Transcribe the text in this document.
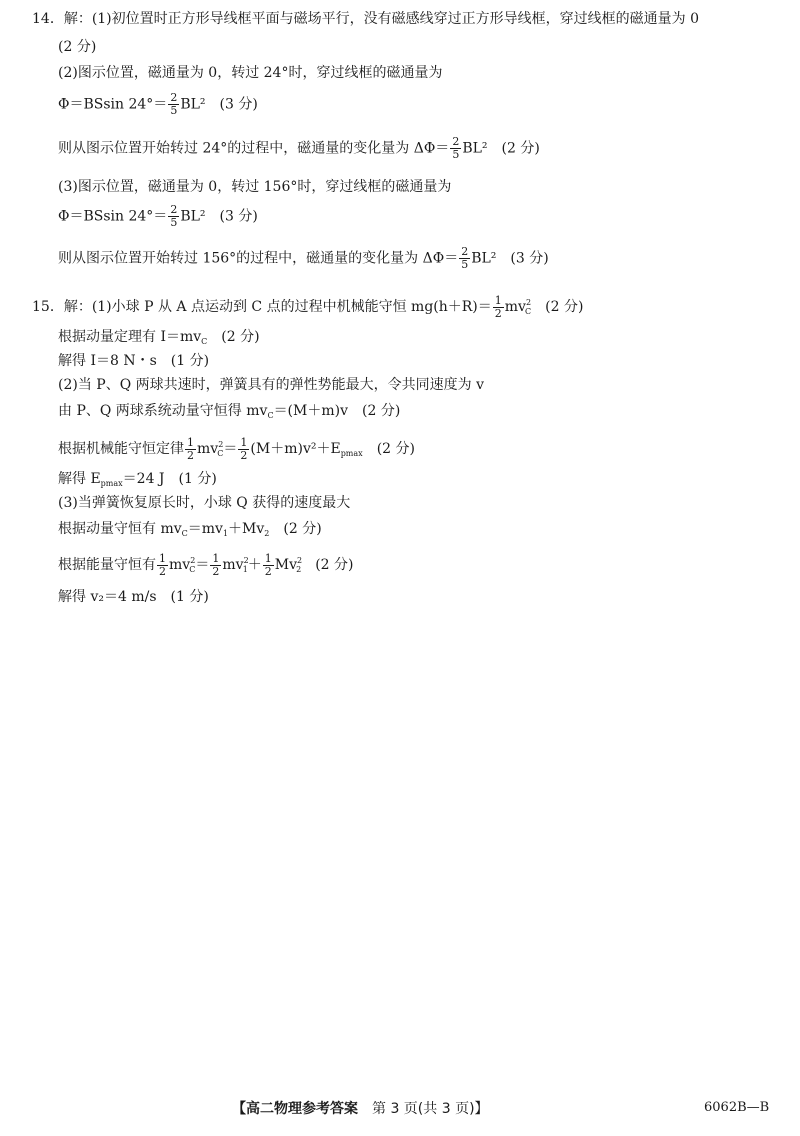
14．解：(1)初位置时正方形导线框平面与磁场平行，没有磁感线穿过正方形导线框，穿过线框的磁通量为 0
(2 分)
(2)图示位置，磁通量为 0，转过 24°时，穿过线框的磁通量为
Φ＝BSsin $24^\circ= \frac{2}{5} BL^2$　(3 分)
则从图示位置开始转过 24°的过程中，磁通量的变化量为 $\Delta\Phi= \frac{2}{5} BL^2$　(2 分)
(3)图示位置，磁通量为 0，转过 156°时，穿过线框的磁通量为
Φ＝BSsin $24^\circ= \frac{2}{5} BL^2$　(3 分)
则从图示位置开始转过 156°的过程中，磁通量的变化量为 $\Delta\Phi= \frac{2}{5} BL^2$　(3 分)
15．解：(1)小球 P 从 A 点运动到 C 点的过程中机械能守恒 $mg(h+R)= \frac{1}{2} mv^2_C$　 (2 分)
根据动量定理有 $I=mv_C$　 (2 分)
解得 I＝8 N・s　(1 分)
(2)当 P、Q 两球共速时，弹簧具有的弹性势能最大，令共同速度为 v
由 P、Q 两球系统动量守恒得 $mv_C=(M+m)v$　(2 分)
根据机械能守恒定律 $\frac{1}{2} mv^2_C= \frac{1}{2} (M+m)v^2+E_{pmax}$　 (2 分)
解得 $E_{pmax}=24$ J　(1 分)
(3)当弹簧恢复原长时，小球 Q 获得的速度最大
根据动量守恒有 $mv_C=mv_1+Mv_2$　 (2 分)
根据能量守恒有 $\frac{1}{2} mv^2_C= \frac{1}{2} mv^2_1+ \frac{1}{2} Mv^2_2$　 (2 分)
解得 v₂＝4 m/s　(1 分)
【高二物理参考答案　 第 3 页(共 3 页)】	6062B—B
